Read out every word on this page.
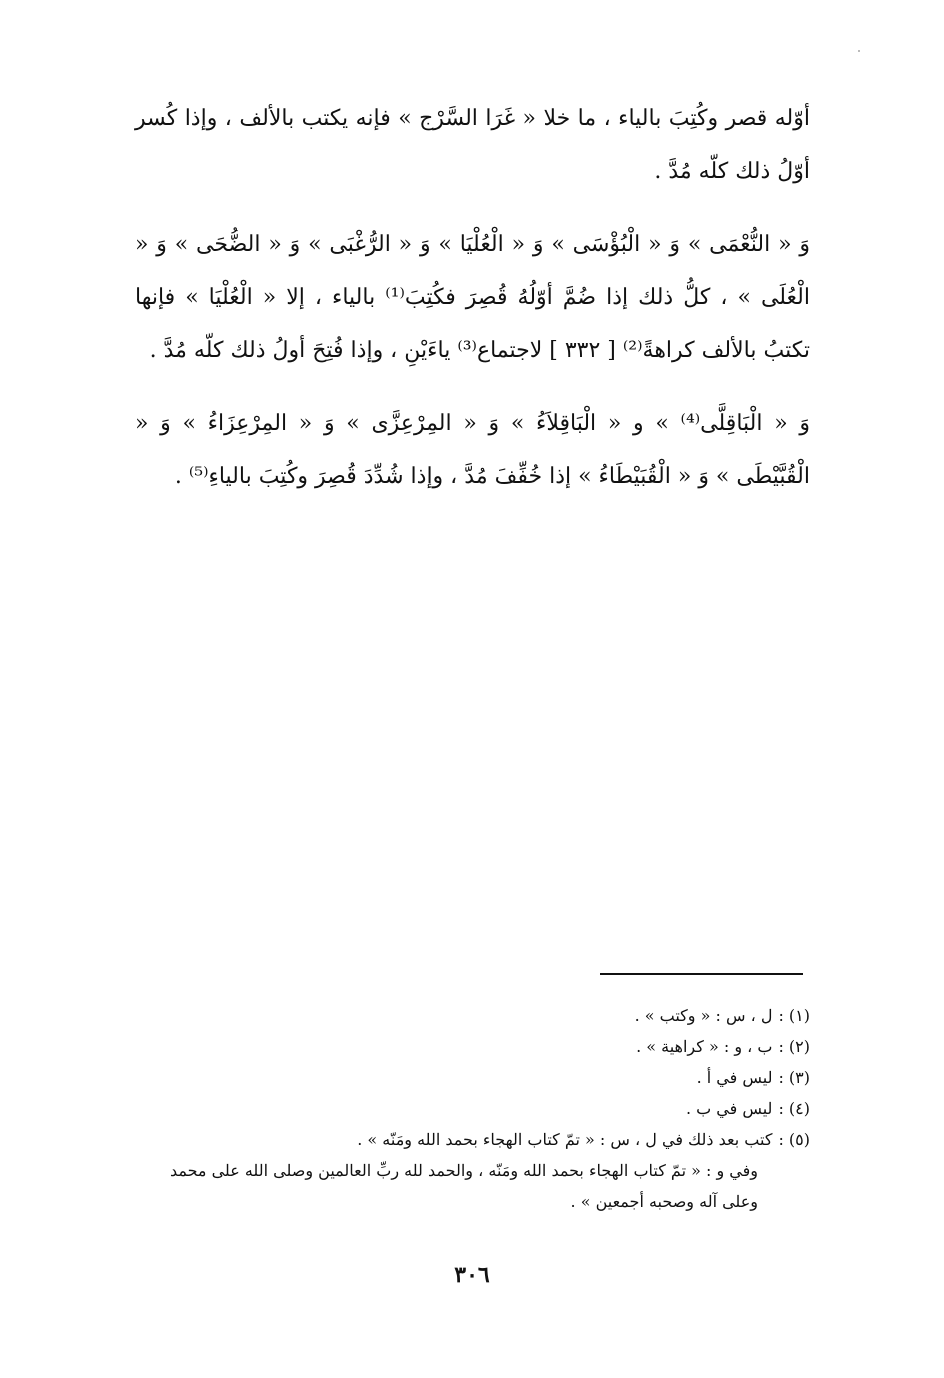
أوّله قصر وكُتِبَ بالياء ، ما خلا « غَرَا السَّرْج » فإنه يكتب بالألف ، وإذا كُسر أوّلُ ذلك كلّه مُدَّ .

وَ « النُّعْمَى » وَ « الْبُؤْسَى » وَ « الْعُلْيَا » وَ « الرُّغْبَى » وَ « الضُّحَى » وَ « الْعُلَى » ، كلُّ ذلك إذا ضُمَّ أوّلُهُ قُصِرَ فكُتِبَ⁽¹⁾ بالياء ، إلا « الْعُلْيَا » فإنها تكتبُ بالألف كراهةً⁽²⁾ [ ٣٣٢ ] لاجتماع⁽³⁾ ياءَيْنِ ، وإذا فُتِحَ أولُ ذلك كلّه مُدَّ .

وَ « الْبَاقِلَّى⁽⁴⁾ » و « الْبَاقِلاَءُ » وَ « المِرْعِزَّى » وَ « المِرْعِزَاءُ » وَ « الْقُبَّيْطَى » وَ « الْقُبَيْطَاءُ » إذا خُفِّفَ مُدَّ ، وإذا شُدِّدَ قُصِرَ وكُتِبَ بالياءِ⁽⁵⁾ .

(١) :
ل ، س : « وكتب » .

(٢) :
ب ، و : « كراهية » .

(٣) :
ليس في أ .

(٤) :
ليس في ب .

(٥) :
كتب بعد ذلك في ل ، س : « تمّ كتاب الهجاء بحمد الله ومَنّه » .

وفي و : « تمّ كتاب الهجاء بحمد الله ومَنّه ، والحمد لله ربِّ العالمين وصلى الله على محمد وعلى آله وصحبه أجمعين » .

٣٠٦
